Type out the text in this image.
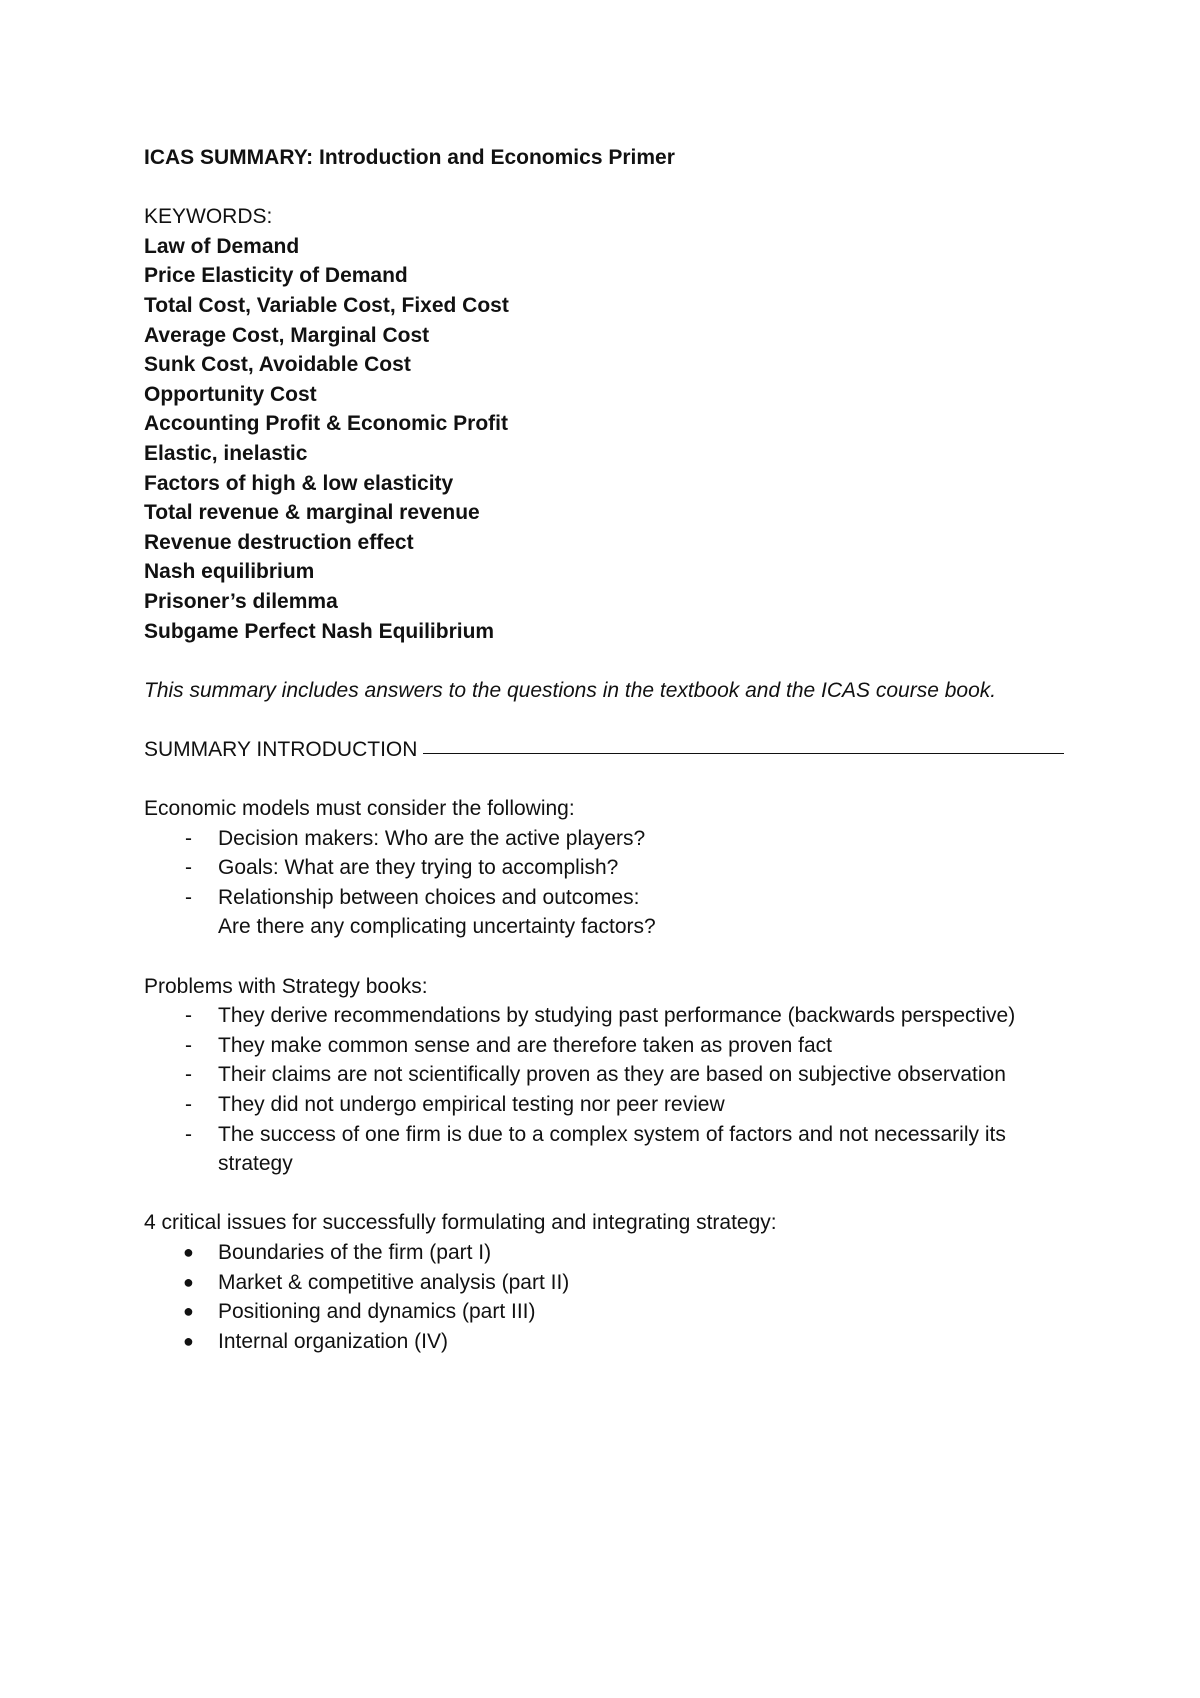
ICAS SUMMARY: Introduction and Economics Primer

KEYWORDS:

Law of Demand
Price Elasticity of Demand
Total Cost, Variable Cost, Fixed Cost
Average Cost, Marginal Cost
Sunk Cost, Avoidable Cost
Opportunity Cost
Accounting Profit & Economic Profit
Elastic, inelastic
Factors of high & low elasticity
Total revenue & marginal revenue
Revenue destruction effect
Nash equilibrium
Prisoner’s dilemma
Subgame Perfect Nash Equilibrium

This summary includes answers to the questions in the textbook and the ICAS course book.

SUMMARY INTRODUCTION

Economic models must consider the following:

- Decision makers: Who are the active players?
- Goals: What are they trying to accomplish?
- Relationship between choices and outcomes:
Are there any complicating uncertainty factors?

Problems with Strategy books:

- They derive recommendations by studying past performance (backwards perspective)
- They make common sense and are therefore taken as proven fact
- Their claims are not scientifically proven as they are based on subjective observation
- They did not undergo empirical testing nor peer review
- The success of one firm is due to a complex system of factors and not necessarily its strategy

4 critical issues for successfully formulating and integrating strategy:

● Boundaries of the firm (part I)
● Market & competitive analysis (part II)
● Positioning and dynamics (part III)
● Internal organization (IV)
